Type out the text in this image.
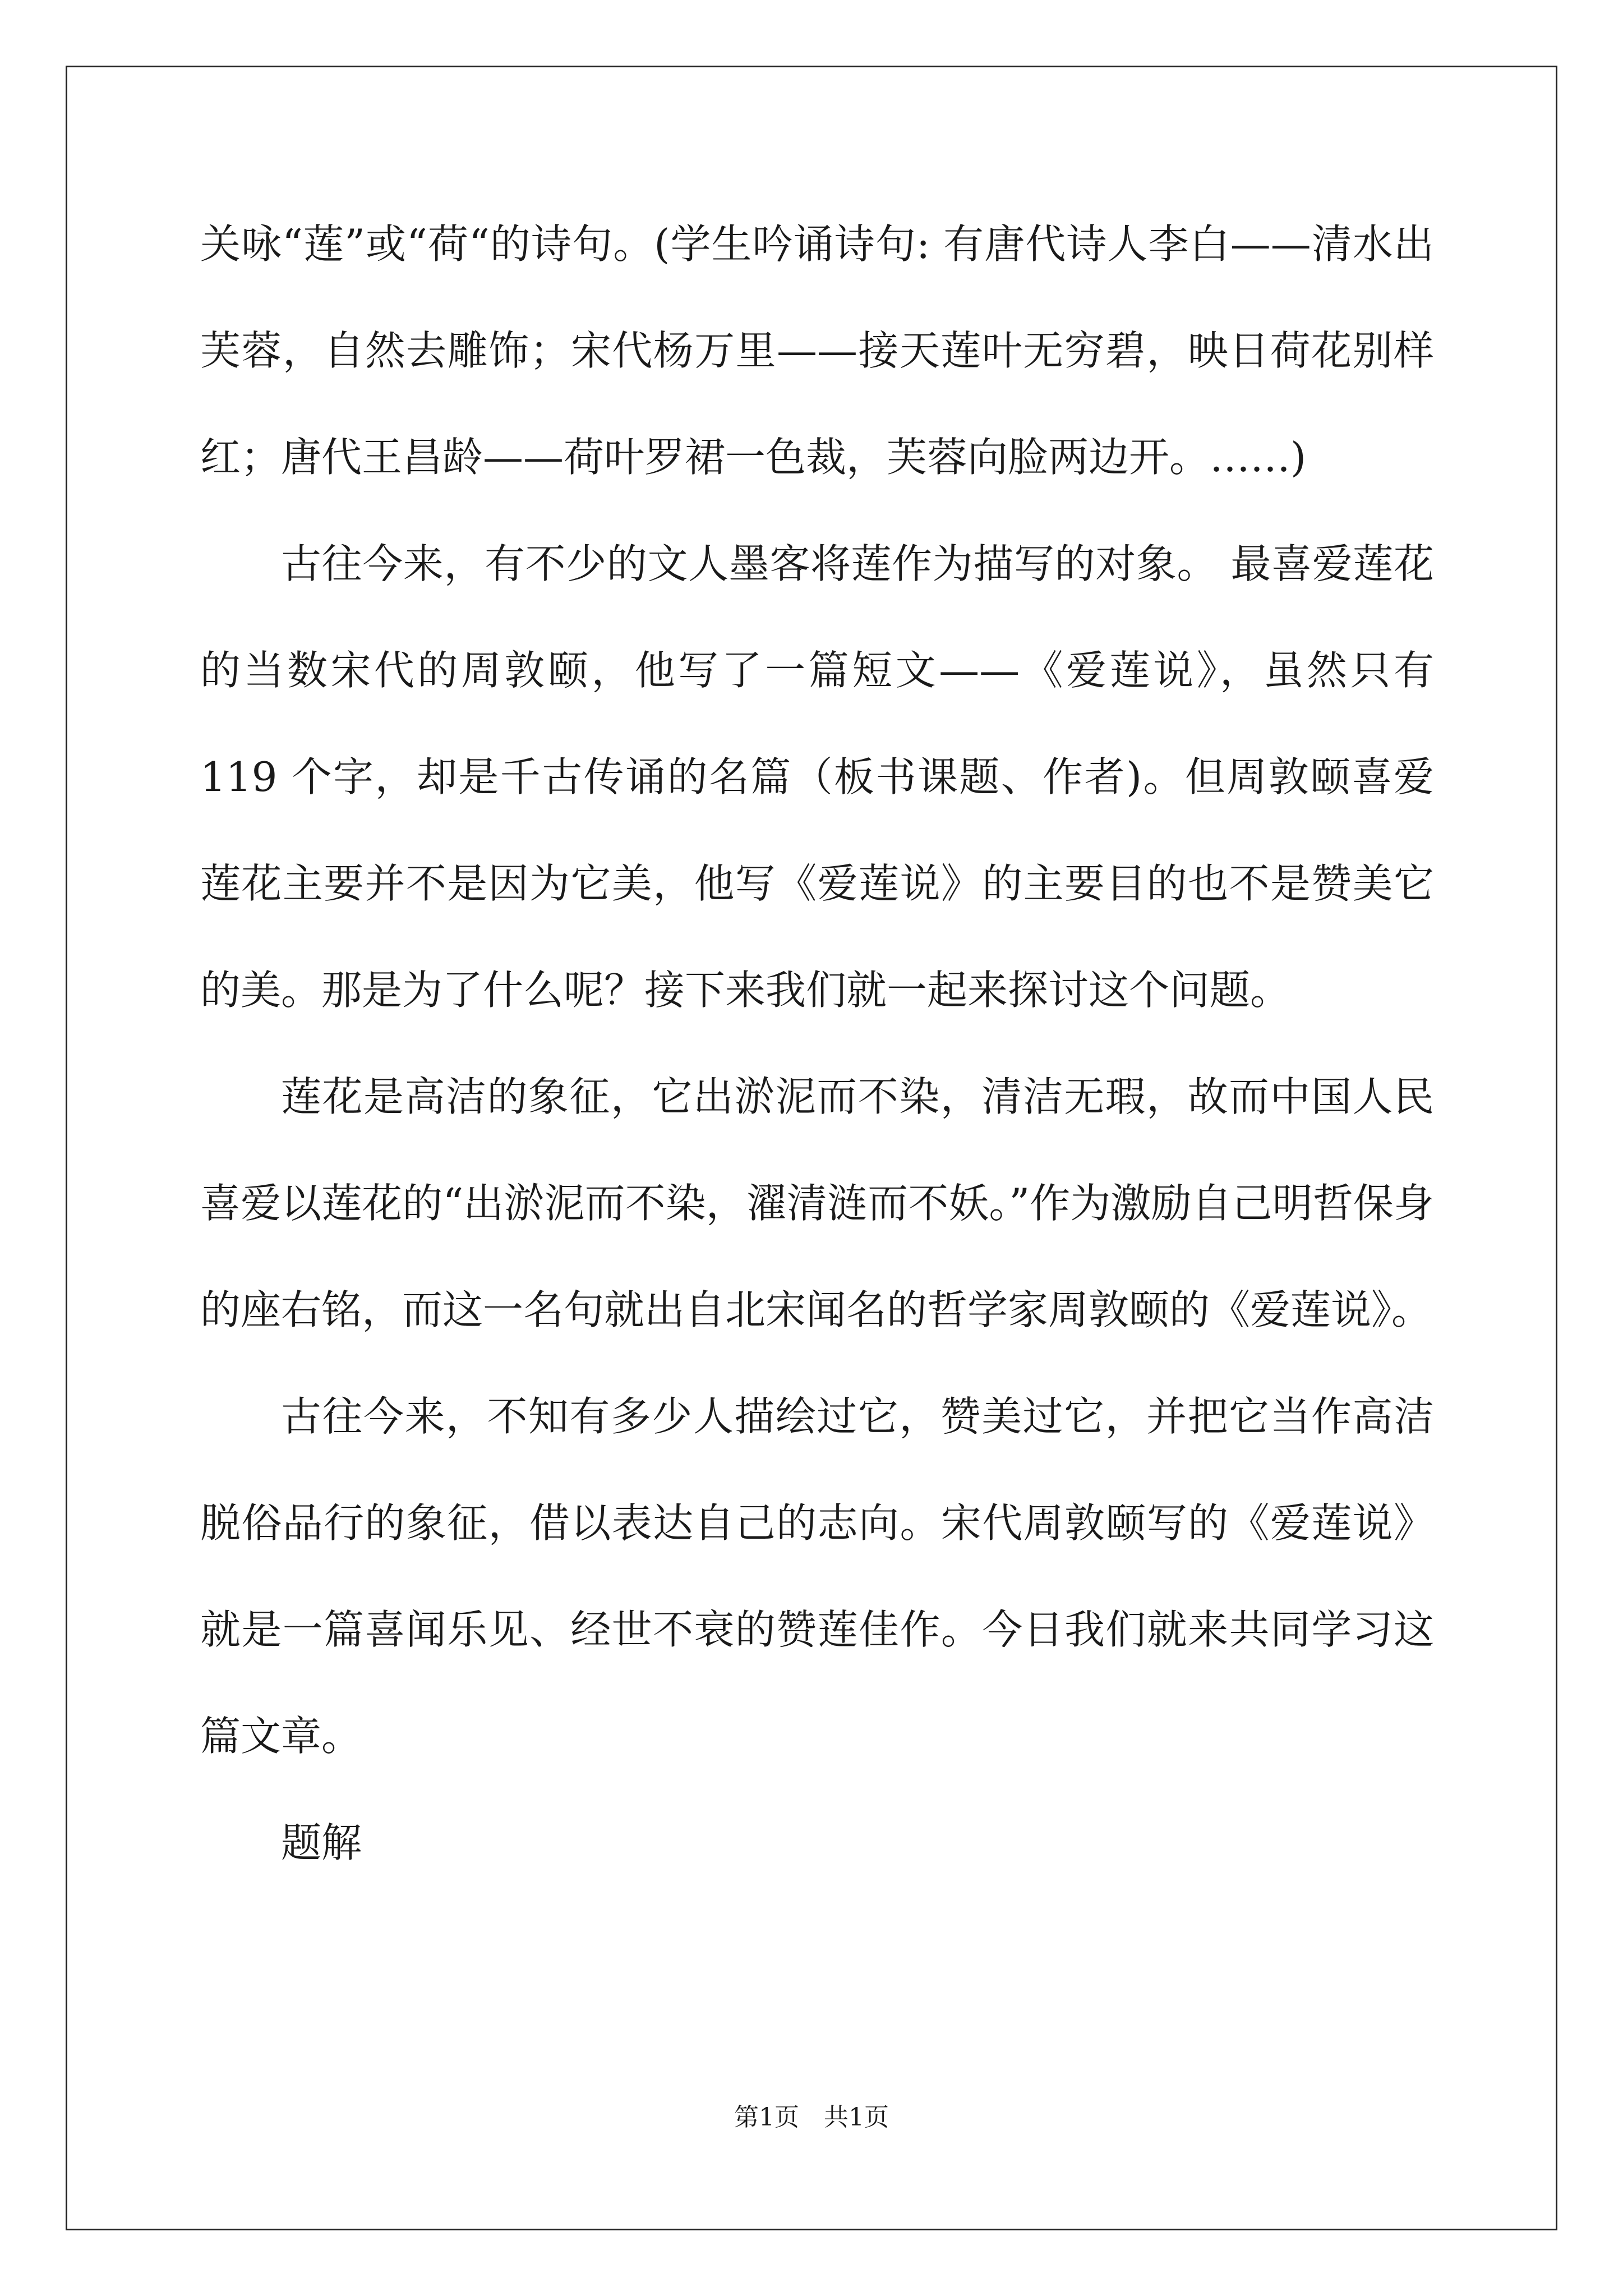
关咏“莲”或“荷“的诗句。(学生吟诵诗句: 有唐代诗人李白——清水出芙蓉，自然去雕饰；宋代杨万里——接天莲叶无穷碧，映日荷花别样红；唐代王昌龄——荷叶罗裙一色裁，芙蓉向脸两边开。……)

古往今来，有不少的文人墨客将莲作为描写的对象。 最喜爱莲花的当数宋代的周敦颐，他写了一篇短文——《爱莲说》，虽然只有 119 个字，却是千古传诵的名篇（板书课题、作者)。但周敦颐喜爱莲花主要并不是因为它美，他写《爱莲说》的主要目的也不是赞美它的美。那是为了什么呢？接下来我们就一起来探讨这个问题。

莲花是高洁的象征，它出淤泥而不染，清洁无瑕，故而中国人民喜爱以莲花的“出淤泥而不染，濯清涟而不妖。”作为激励自己明哲保身的座右铭，而这一名句就出自北宋闻名的哲学家周敦颐的《爱莲说》。

古往今来，不知有多少人描绘过它，赞美过它，并把它当作高洁脱俗品行的象征，借以表达自己的志向。宋代周敦颐写的《爱莲说》就是一篇喜闻乐见、经世不衰的赞莲佳作。今日我们就来共同学习这篇文章。

题解

第1页 共1页
